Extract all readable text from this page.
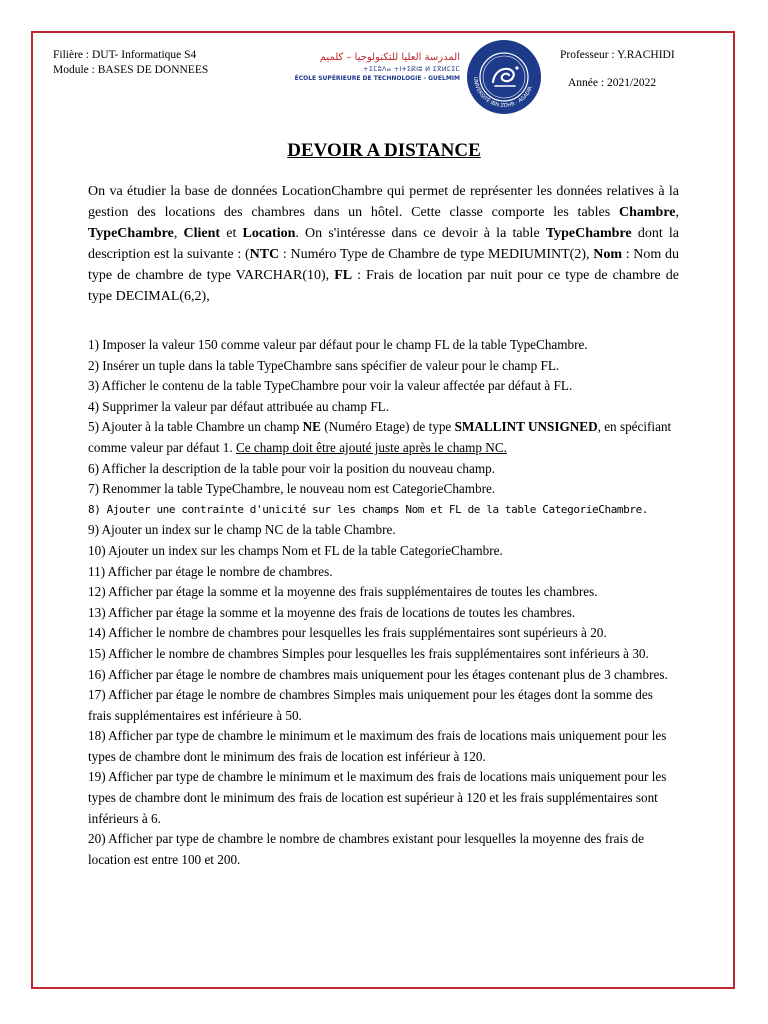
Filière : DUT- Informatique S4
Module : BASES DE DONNEES
المدرسة العليا للتكنولوجيا – كلميم
+ⵉⵎⵓⴷⴰ +ⵏⵜⵉⴽⵏⵓ ⵍ ⵉⴳⵍⵎⵉⵎ
ÉCOLE SUPÉRIEURE DE TECHNOLOGIE - GUELMIM UNIVERSITÉ IBN ZOHR · AGADIR
Professeur : Y.RACHIDI
Année : 2021/2022
DEVOIR A DISTANCE
On va étudier la base de données LocationChambre qui permet de représenter les données relatives à la gestion des locations des chambres dans un hôtel. Cette classe comporte les tables Chambre, TypeChambre, Client et Location. On s'intéresse dans ce devoir à la table TypeChambre dont la description est la suivante : (NTC : Numéro Type de Chambre de type MEDIUMINT(2), Nom : Nom du type de chambre de type VARCHAR(10), FL : Frais de location par nuit pour ce type de chambre de type DECIMAL(6,2),

1) Imposer la valeur 150 comme valeur par défaut pour le champ FL de la table TypeChambre.

2) Insérer un tuple dans la table TypeChambre sans spécifier de valeur pour le champ FL.

3) Afficher le contenu de la table TypeChambre pour voir la valeur affectée par défaut à FL.

4) Supprimer la valeur par défaut attribuée au champ FL.

5) Ajouter à la table Chambre un champ NE (Numéro Etage) de type SMALLINT UNSIGNED, en spécifiant comme valeur par défaut 1. Ce champ doit être ajouté juste après le champ NC.

6) Afficher la description de la table pour voir la position du nouveau champ.

7) Renommer la table TypeChambre, le nouveau nom est CategorieChambre.

8) Ajouter une contrainte d'unicité sur les champs Nom et FL de la table CategorieChambre.

9) Ajouter un index sur le champ NC de la table Chambre.

10) Ajouter un index sur les champs Nom et FL de la table CategorieChambre.

11) Afficher par étage le nombre de chambres.

12) Afficher par étage la somme et la moyenne des frais supplémentaires de toutes les chambres.

13) Afficher par étage la somme et la moyenne des frais de locations de toutes les chambres.

14) Afficher le nombre de chambres pour lesquelles les frais supplémentaires sont supérieurs à 20.

15) Afficher le nombre de chambres Simples pour lesquelles les frais supplémentaires sont inférieurs à 30.

16) Afficher par étage le nombre de chambres mais uniquement pour les étages contenant plus de 3 chambres.

17) Afficher par étage le nombre de chambres Simples mais uniquement pour les étages dont la somme des frais supplémentaires est inférieure à 50.

18) Afficher par type de chambre le minimum et le maximum des frais de locations mais uniquement pour les types de chambre dont le minimum des frais de location est inférieur à 120.

19) Afficher par type de chambre le minimum et le maximum des frais de locations mais uniquement pour les types de chambre dont le minimum des frais de location est supérieur à 120 et les frais supplémentaires sont inférieurs à 6.

20) Afficher par type de chambre le nombre de chambres existant pour lesquelles la moyenne des frais de location est entre 100 et 200.
